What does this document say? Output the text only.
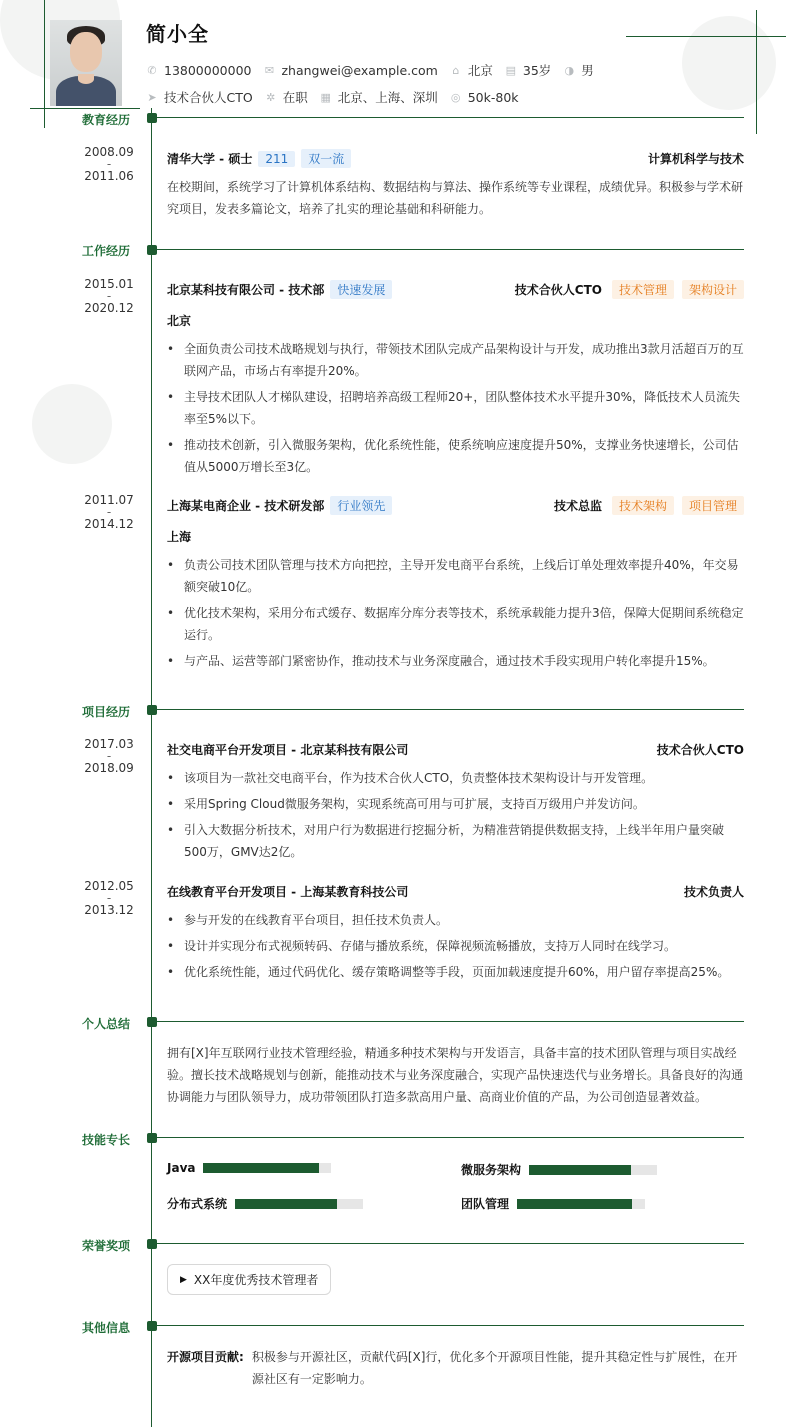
简小全
✆ 13800000000 ✉ zhangwei@example.com ⌂ 北京 ▤ 35岁 ◑ 男
➤ 技术合伙人CTO ✲ 在职 ▦ 北京、上海、深圳 ◎ 50k-80k
教育经历
2008.09
-
2011.06
清华大学 - 硕士	211	双一流	计算机科学与技术
在校期间，系统学习了计算机体系结构、数据结构与算法、操作系统等专业课程，成绩优异。积极参与学术研究项目，发表多篇论文，培养了扎实的理论基础和科研能力。
工作经历
2015.01
-
2020.12
北京某科技有限公司 - 技术部	快速发展	技术合伙人CTO	技术管理	架构设计
北京
• 全面负责公司技术战略规划与执行，带领技术团队完成产品架构设计与开发，成功推出3款月活超百万的互联网产品，市场占有率提升20%。
• 主导技术团队人才梯队建设，招聘培养高级工程师20+，团队整体技术水平提升30%，降低技术人员流失率至5%以下。
• 推动技术创新，引入微服务架构，优化系统性能，使系统响应速度提升50%，支撑业务快速增长，公司估值从5000万增长至3亿。
2011.07
-
2014.12
上海某电商企业 - 技术研发部	行业领先	技术总监	技术架构	项目管理
上海
• 负责公司技术团队管理与技术方向把控，主导开发电商平台系统，上线后订单处理效率提升40%，年交易额突破10亿。
• 优化技术架构，采用分布式缓存、数据库分库分表等技术，系统承载能力提升3倍，保障大促期间系统稳定运行。
• 与产品、运营等部门紧密协作，推动技术与业务深度融合，通过技术手段实现用户转化率提升15%。
项目经历
2017.03
-
2018.09
社交电商平台开发项目 - 北京某科技有限公司	技术合伙人CTO
• 该项目为一款社交电商平台，作为技术合伙人CTO，负责整体技术架构设计与开发管理。
• 采用Spring Cloud微服务架构，实现系统高可用与可扩展，支持百万级用户并发访问。
• 引入大数据分析技术，对用户行为数据进行挖掘分析，为精准营销提供数据支持，上线半年用户量突破500万，GMV达2亿。
2012.05
-
2013.12
在线教育平台开发项目 - 上海某教育科技公司	技术负责人
• 参与开发的在线教育平台项目，担任技术负责人。
• 设计并实现分布式视频转码、存储与播放系统，保障视频流畅播放，支持万人同时在线学习。
• 优化系统性能，通过代码优化、缓存策略调整等手段，页面加载速度提升60%，用户留存率提高25%。
个人总结
拥有[X]年互联网行业技术管理经验，精通多种技术架构与开发语言，具备丰富的技术团队管理与项目实战经验。擅长技术战略规划与创新，能推动技术与业务深度融合，实现产品快速迭代与业务增长。具备良好的沟通协调能力与团队领导力，成功带领团队打造多款高用户量、高商业价值的产品，为公司创造显著效益。
技能专长
Java	微服务架构
分布式系统	团队管理
荣誉奖项
▶ XX年度优秀技术管理者
其他信息
开源项目贡献: 积极参与开源社区，贡献代码[X]行，优化多个开源项目性能，提升其稳定性与扩展性，在开源社区有一定影响力。
